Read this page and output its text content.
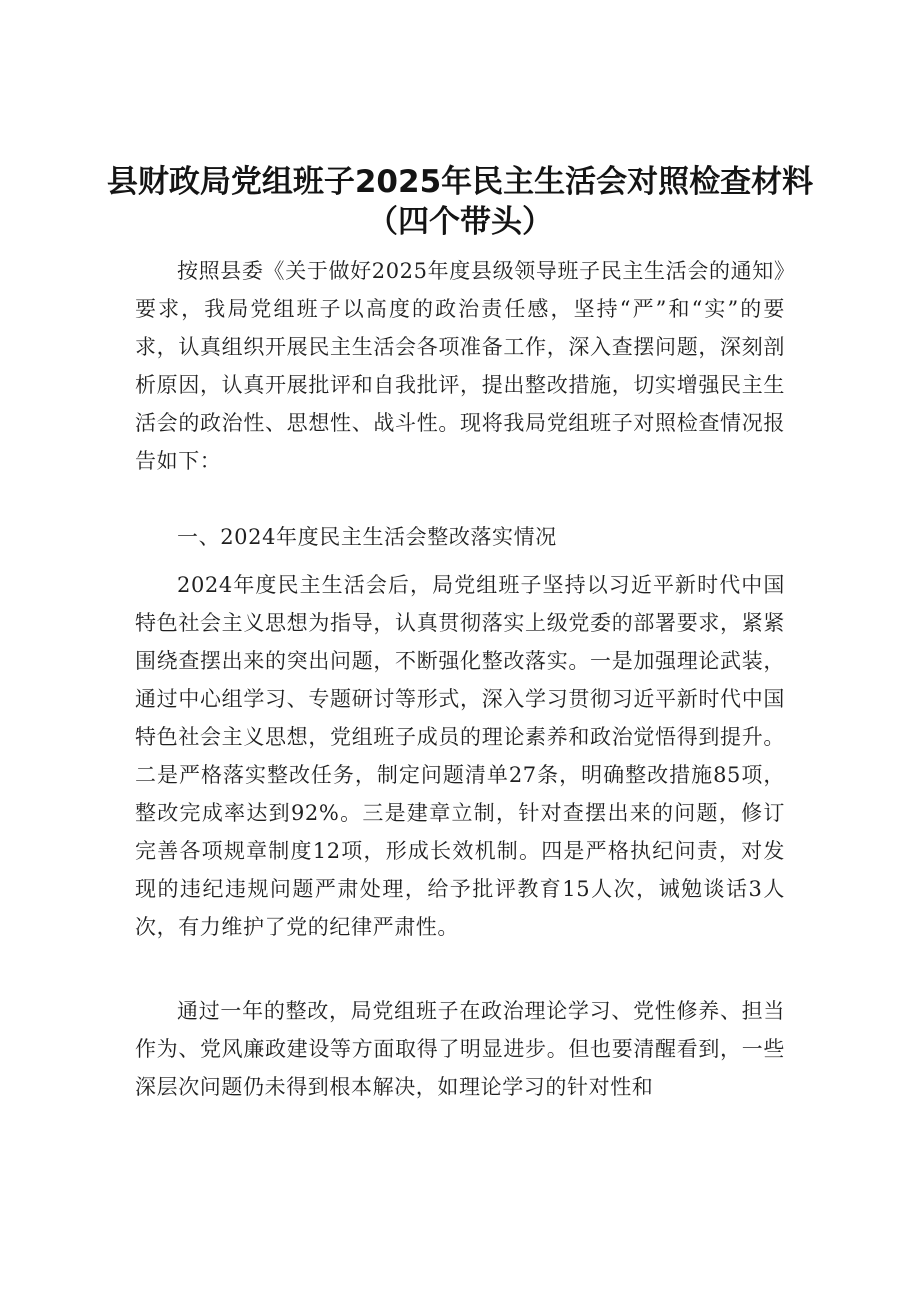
县财政局党组班子2025年民主生活会对照检查材料
（四个带头）

按照县委《关于做好2025年度县级领导班子民主生活会的通知》要求，我局党组班子以高度的政治责任感，坚持“严”和“实”的要求，认真组织开展民主生活会各项准备工作，深入查摆问题，深刻剖析原因，认真开展批评和自我批评，提出整改措施，切实增强民主生活会的政治性、思想性、战斗性。现将我局党组班子对照检查情况报告如下：

一、2024年度民主生活会整改落实情况

2024年度民主生活会后，局党组班子坚持以习近平新时代中国特色社会主义思想为指导，认真贯彻落实上级党委的部署要求，紧紧围绕查摆出来的突出问题，不断强化整改落实。一是加强理论武装，通过中心组学习、专题研讨等形式，深入学习贯彻习近平新时代中国特色社会主义思想，党组班子成员的理论素养和政治觉悟得到提升。二是严格落实整改任务，制定问题清单27条，明确整改措施85项，整改完成率达到92%。三是建章立制，针对查摆出来的问题，修订完善各项规章制度12项，形成长效机制。四是严格执纪问责，对发现的违纪违规问题严肃处理，给予批评教育15人次，诫勉谈话3人次，有力维护了党的纪律严肃性。

通过一年的整改，局党组班子在政治理论学习、党性修养、担当作为、党风廉政建设等方面取得了明显进步。但也要清醒看到，一些深层次问题仍未得到根本解决，如理论学习的针对性和
